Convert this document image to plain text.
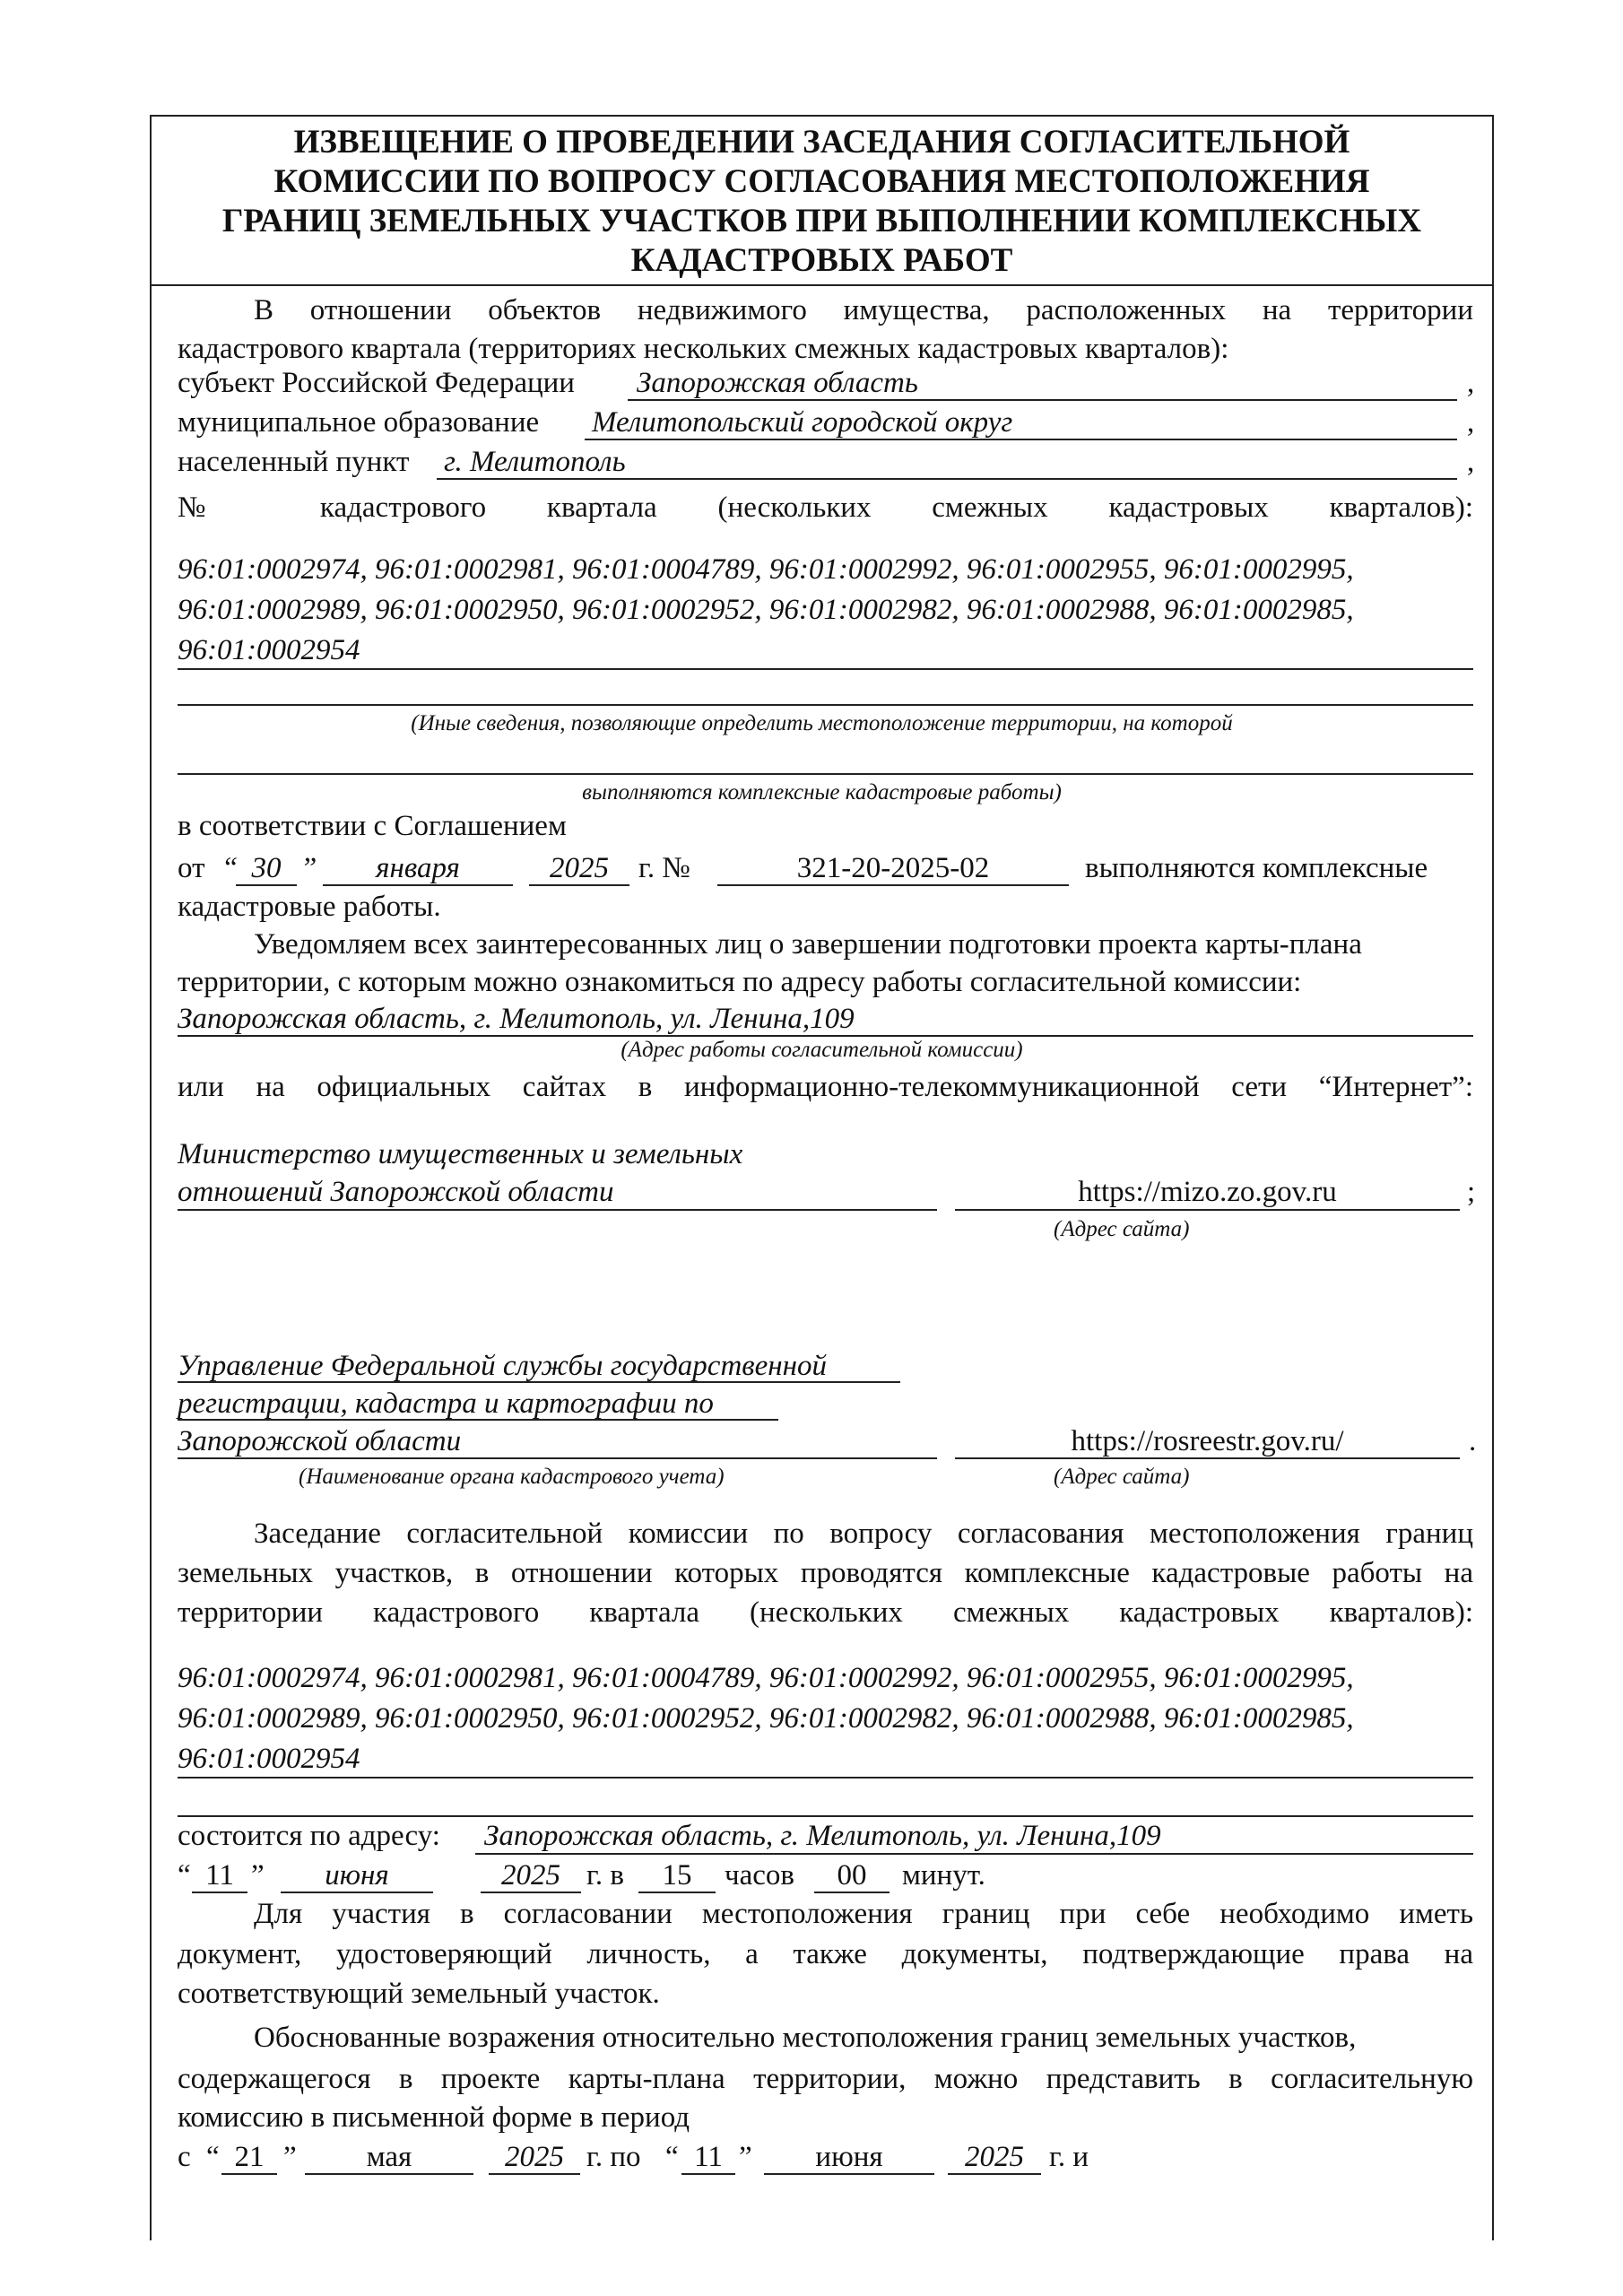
ИЗВЕЩЕНИЕ О ПРОВЕДЕНИИ ЗАСЕДАНИЯ СОГЛАСИТЕЛЬНОЙ
КОМИССИИ ПО ВОПРОСУ СОГЛАСОВАНИЯ МЕСТОПОЛОЖЕНИЯ
ГРАНИЦ ЗЕМЕЛЬНЫХ УЧАСТКОВ ПРИ ВЫПОЛНЕНИИ КОМПЛЕКСНЫХ
КАДАСТРОВЫХ РАБОТ
В отношении объектов недвижимого имущества, расположенных на территории
кадастрового квартала (территориях нескольких смежных кадастровых кварталов):
субъект Российской Федерации Запорожская область	,
муниципальное образование Мелитопольский городской округ	,
населенный пункт г. Мелитополь	,
№ кадастрового квартала (нескольких смежных кадастровых кварталов):
96:01:0002974, 96:01:0002981, 96:01:0004789, 96:01:0002992, 96:01:0002955, 96:01:0002995,
96:01:0002989, 96:01:0002950, 96:01:0002952, 96:01:0002982, 96:01:0002988, 96:01:0002985,
96:01:0002954
(Иные сведения, позволяющие определить местоположение территории, на которой
выполняются комплексные кадастровые работы)
в соответствии с Соглашением
от “ 30 ”	января	2025	г. №	321-20-2025-02	выполняются комплексные
кадастровые работы.
Уведомляем всех заинтересованных лиц о завершении подготовки проекта карты-плана
территории, с которым можно ознакомиться по адресу работы согласительной комиссии:
Запорожская область, г. Мелитополь, ул. Ленина,109
(Адрес работы согласительной комиссии)
или на официальных сайтах в информационно-телекоммуникационной сети “Интернет”:
Министерство имущественных и земельных
отношений Запорожской области	https://mizo.zo.gov.ru	;
(Адрес сайта)
Управление Федеральной службы государственной
регистрации, кадастра и картографии по
Запорожской области	https://rosreestr.gov.ru/	.
(Наименование органа кадастрового учета)	(Адрес сайта)
Заседание согласительной комиссии по вопросу согласования местоположения границ
земельных участков, в отношении которых проводятся комплексные кадастровые работы на
территории кадастрового квартала (нескольких смежных кадастровых кварталов):
96:01:0002974, 96:01:0002981, 96:01:0004789, 96:01:0002992, 96:01:0002955, 96:01:0002995,
96:01:0002989, 96:01:0002950, 96:01:0002952, 96:01:0002982, 96:01:0002988, 96:01:0002985,
96:01:0002954
состоится по адресу: Запорожская область, г. Мелитополь, ул. Ленина,109
“ 11 ”	июня	2025 г. в	15	часов	00	минут.
Для участия в согласовании местоположения границ при себе необходимо иметь
документ, удостоверяющий личность, а также документы, подтверждающие права на
соответствующий земельный участок.
Обоснованные возражения относительно местоположения границ земельных участков,
содержащегося в проекте карты-плана территории, можно представить в согласительную
комиссию в письменной форме в период
с “ 21 ”	мая	2025 г. по “ 11 ”	июня	2025 г. и
